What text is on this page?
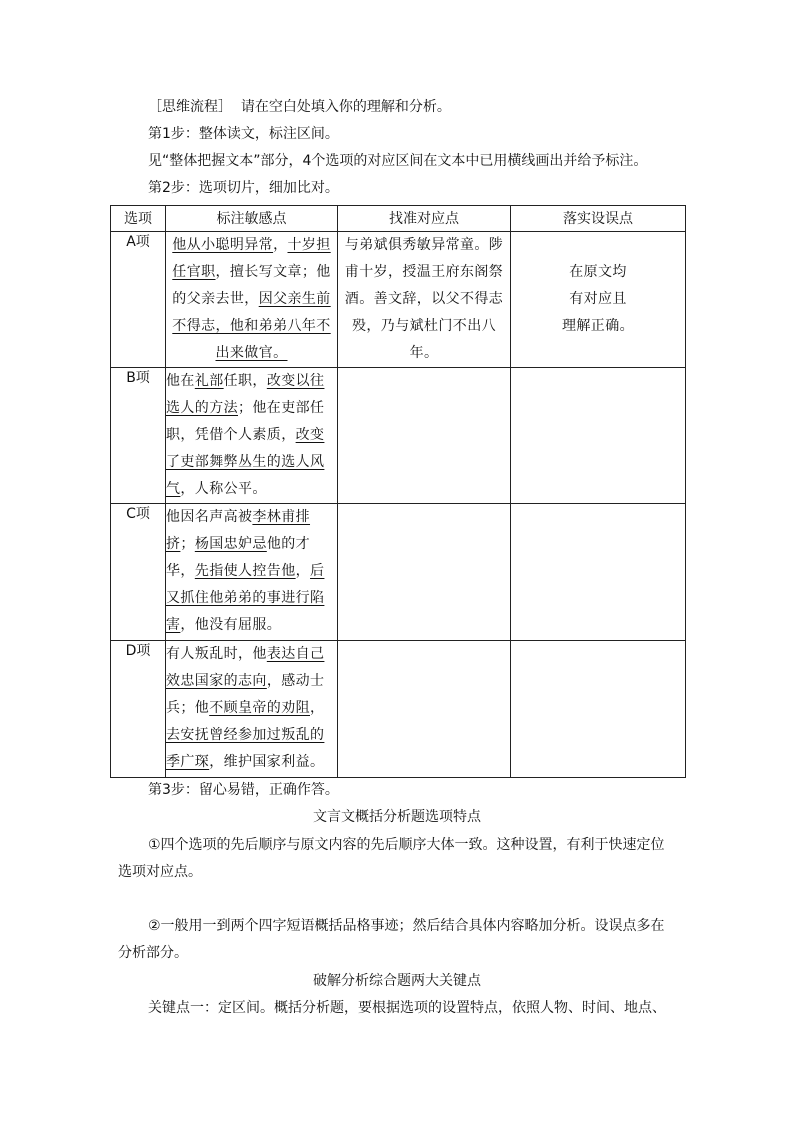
［思维流程］ 请在空白处填入你的理解和分析。
第1步：整体读文，标注区间。
见“整体把握文本”部分，4个选项的对应区间在文本中已用横线画出并给予标注。
第2步：选项切片，细加比对。
选项	标注敏感点	找准对应点	落实设误点
A项	他从小聪明异常，十岁担任官职，擅长写文章；他的父亲去世，因父亲生前不得志，他和弟弟八年不出来做官。	与弟斌俱秀敏异常童。陟甫十岁，授温王府东阁祭酒。善文辞，以父不得志殁，乃与斌杜门不出八年。	在原文均
有对应且
理解正确。

B项	他在礼部任职，改变以往选人的方法；他在吏部任职，凭借个人素质，改变了吏部舞弊丛生的选人风气，人称公平。		
C项	他因名声高被李林甫排挤；杨国忠妒忌他的才华，先指使人控告他，后又抓住他弟弟的事进行陷害，他没有屈服。		
D项	有人叛乱时，他表达自己效忠国家的志向，感动士兵；他不顾皇帝的劝阻，去安抚曾经参加过叛乱的季广琛，维护国家利益。		
第3步：留心易错，正确作答。
文言文概括分析题选项特点
①四个选项的先后顺序与原文内容的先后顺序大体一致。这种设置，有利于快速定位
选项对应点。
②一般用一到两个四字短语概括品格事迹；然后结合具体内容略加分析。设误点多在
分析部分。
破解分析综合题两大关键点
关键点一：定区间。概括分析题，要根据选项的设置特点，依照人物、时间、地点、
